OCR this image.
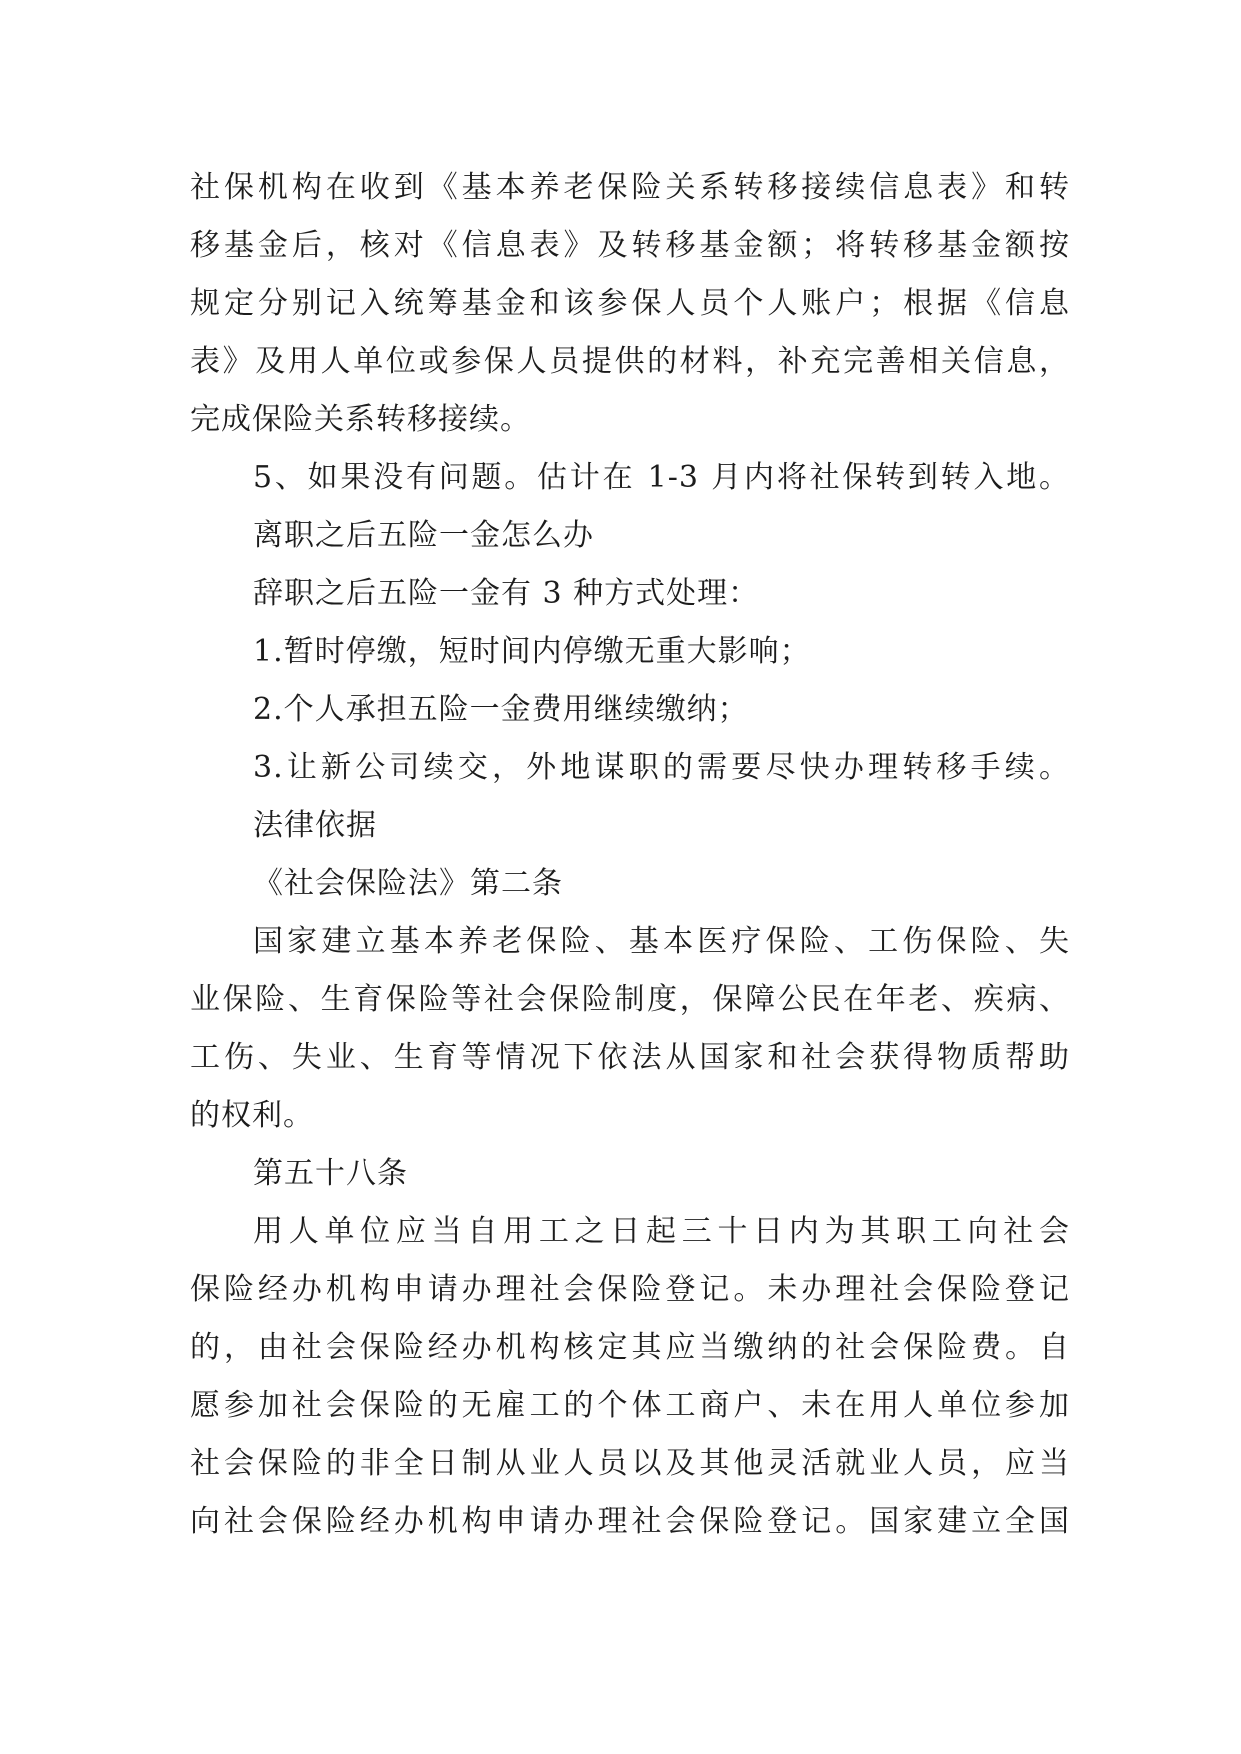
社保机构在收到《基本养老保险关系转移接续信息表》和转
移基金后，核对《信息表》及转移基金额；将转移基金额按
规定分别记入统筹基金和该参保人员个人账户；根据《信息
表》及用人单位或参保人员提供的材料，补充完善相关信息，
完成保险关系转移接续。
5、如果没有问题。估计在 1-3 月内将社保转到转入地。
离职之后五险一金怎么办
辞职之后五险一金有 3 种方式处理：
1.暂时停缴，短时间内停缴无重大影响；
2.个人承担五险一金费用继续缴纳；
3.让新公司续交，外地谋职的需要尽快办理转移手续。
法律依据
《社会保险法》第二条
国家建立基本养老保险、基本医疗保险、工伤保险、失
业保险、生育保险等社会保险制度，保障公民在年老、疾病、
工伤、失业、生育等情况下依法从国家和社会获得物质帮助
的权利。
第五十八条
用人单位应当自用工之日起三十日内为其职工向社会
保险经办机构申请办理社会保险登记。未办理社会保险登记
的，由社会保险经办机构核定其应当缴纳的社会保险费。自
愿参加社会保险的无雇工的个体工商户、未在用人单位参加
社会保险的非全日制从业人员以及其他灵活就业人员，应当
向社会保险经办机构申请办理社会保险登记。国家建立全国
